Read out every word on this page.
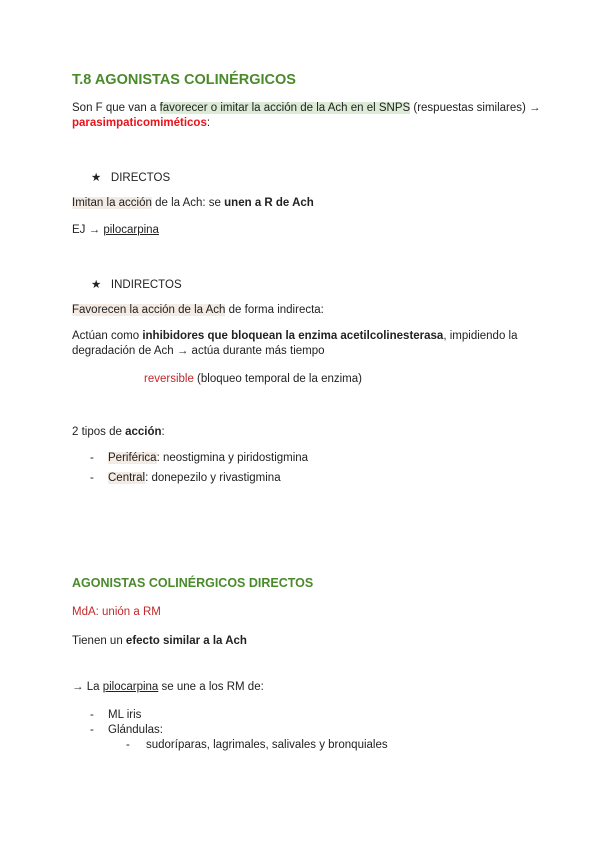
T.8 AGONISTAS COLINÉRGICOS
Son F que van a favorecer o imitar la acción de la Ach en el SNPS (respuestas similares) →
parasimpaticomiméticos:
★ DIRECTOS
Imitan la acción de la Ach: se unen a R de Ach
EJ → pilocarpina
★ INDIRECTOS
Favorecen la acción de la Ach de forma indirecta:
Actúan como inhibidores que bloquean la enzima acetilcolinesterasa, impidiendo la
degradación de Ach → actúa durante más tiempo
reversible (bloqueo temporal de la enzima)
2 tipos de acción:
- Periférica: neostigmina y piridostigmina
- Central: donepezilo y rivastigmina
AGONISTAS COLINÉRGICOS DIRECTOS
MdA: unión a RM
Tienen un efecto similar a la Ach
→ La pilocarpina se une a los RM de:
- ML iris
- Glándulas:
- sudoríparas, lagrimales, salivales y bronquiales
